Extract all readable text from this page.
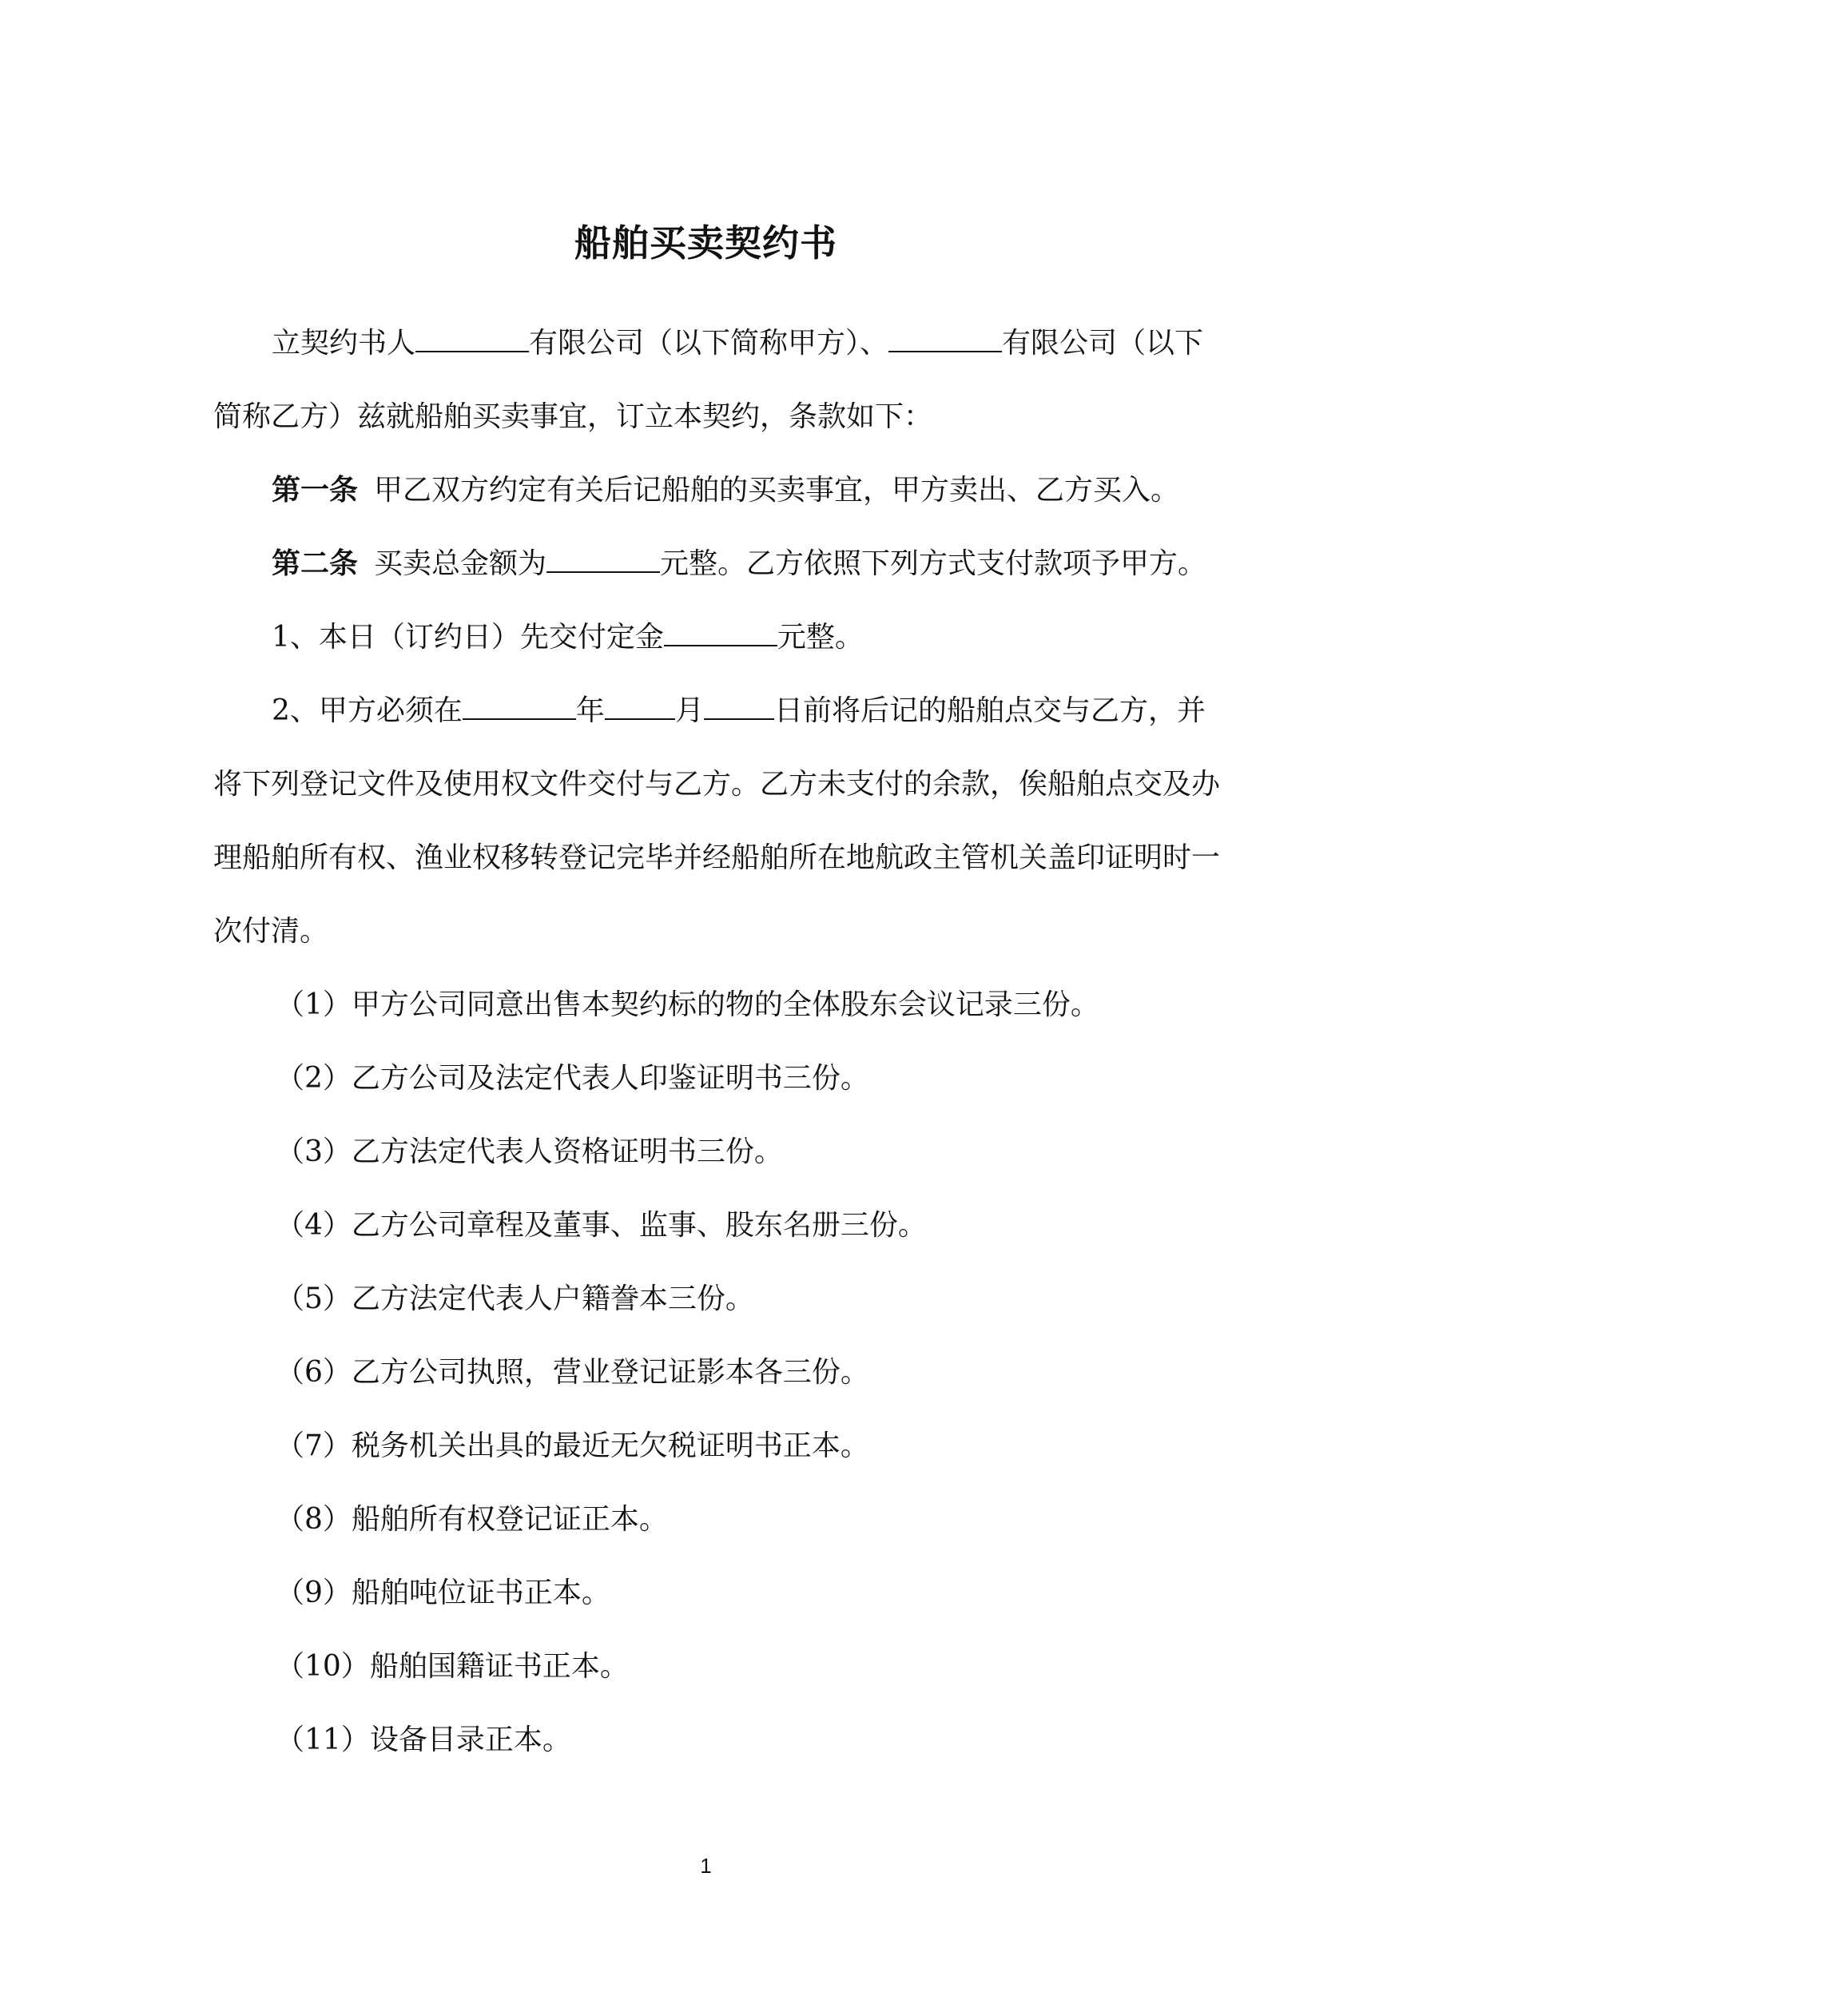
船舶买卖契约书
立契约书人	有限公司（以下简称甲方）、	有限公司（以下
简称乙方）兹就船舶买卖事宜，订立本契约，条款如下：
第一条 甲乙双方约定有关后记船舶的买卖事宜，甲方卖出、乙方买入。
第二条 买卖总金额为	元整。乙方依照下列方式支付款项予甲方。
1、本日（订约日）先交付定金	元整。
2、甲方必须在	年 月 日前将后记的船舶点交与乙方，并
将下列登记文件及使用权文件交付与乙方。乙方未支付的余款，俟船舶点交及办
理船舶所有权、渔业权移转登记完毕并经船舶所在地航政主管机关盖印证明时一
次付清。
（1）甲方公司同意出售本契约标的物的全体股东会议记录三份。
（2）乙方公司及法定代表人印鉴证明书三份。
（3）乙方法定代表人资格证明书三份。
（4）乙方公司章程及董事、监事、股东名册三份。
（5）乙方法定代表人户籍誊本三份。
（6）乙方公司执照，营业登记证影本各三份。
（7）税务机关出具的最近无欠税证明书正本。
（8）船舶所有权登记证正本。
（9）船舶吨位证书正本。
（10）船舶国籍证书正本。
（11）设备目录正本。
1
